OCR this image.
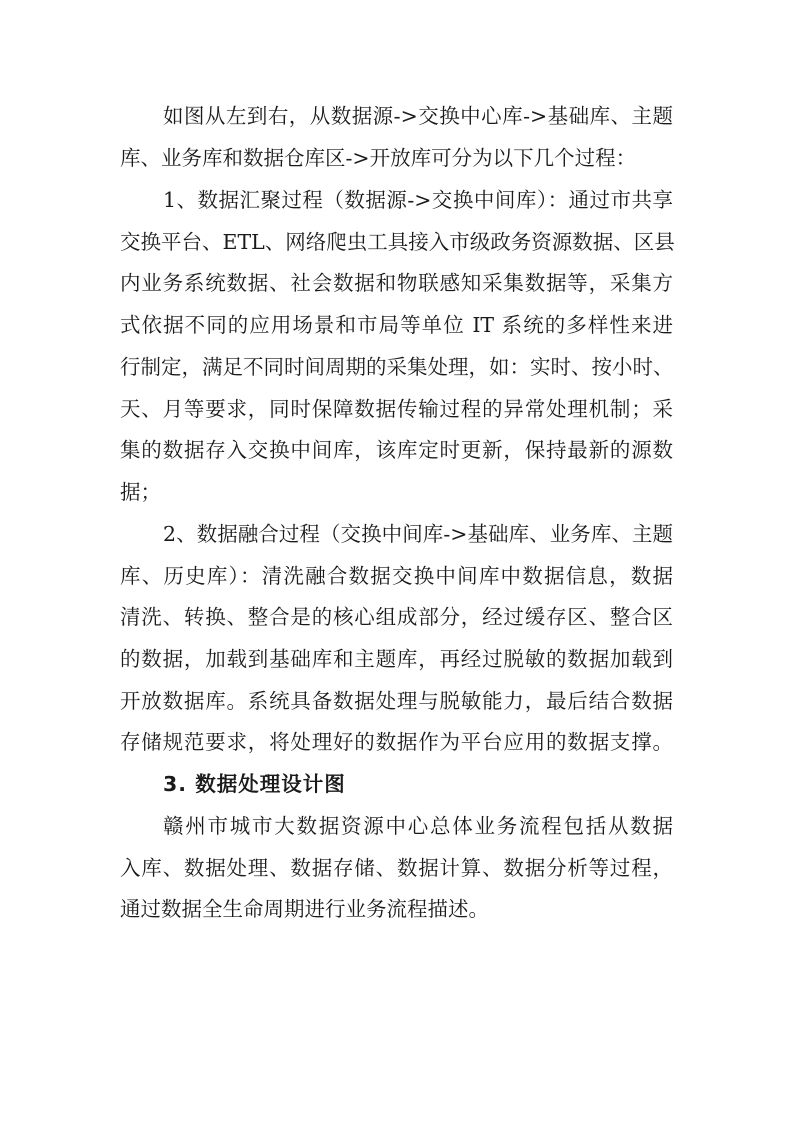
如图从左到右，从数据源->交换中心库->基础库、主题
库、业务库和数据仓库区->开放库可分为以下几个过程：
1、数据汇聚过程（数据源->交换中间库）：通过市共享
交换平台、ETL、网络爬虫工具接入市级政务资源数据、区县
内业务系统数据、社会数据和物联感知采集数据等，采集方
式依据不同的应用场景和市局等单位 IT 系统的多样性来进
行制定，满足不同时间周期的采集处理，如：实时、按小时、
天、月等要求，同时保障数据传输过程的异常处理机制；采
集的数据存入交换中间库，该库定时更新，保持最新的源数
据；
2、数据融合过程（交换中间库->基础库、业务库、主题
库、历史库）：清洗融合数据交换中间库中数据信息，数据
清洗、转换、整合是的核心组成部分，经过缓存区、整合区
的数据，加载到基础库和主题库，再经过脱敏的数据加载到
开放数据库。系统具备数据处理与脱敏能力，最后结合数据
存储规范要求，将处理好的数据作为平台应用的数据支撑。
3. 数据处理设计图
赣州市城市大数据资源中心总体业务流程包括从数据
入库、数据处理、数据存储、数据计算、数据分析等过程，
通过数据全生命周期进行业务流程描述。
